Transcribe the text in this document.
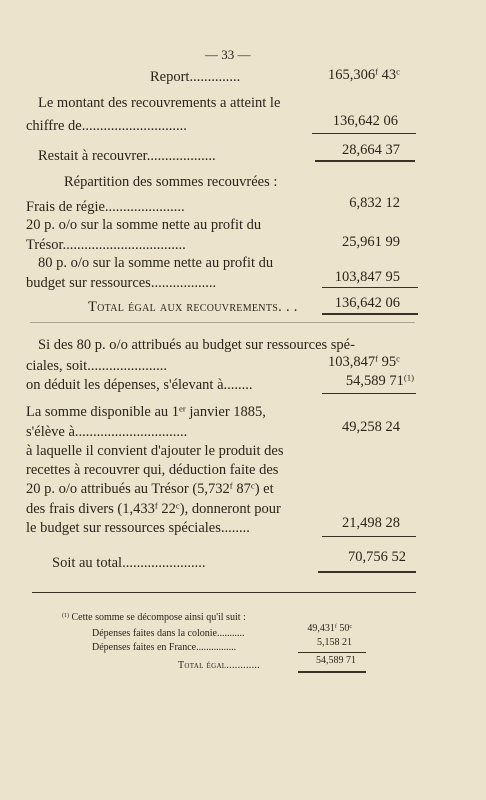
— 33 —
Report..............	165,306$^f$ 43$^c$
Le montant des recouvrements a atteint le
chiffre de.............................	136,642 06
Restait à recouvrer...................	28,664 37
Répartition des sommes recouvrées :
Frais de régie......................	6,832 12
20 p. o/o sur la somme nette au profit du
Trésor..................................	25,961 99
80 p. o/o sur la somme nette au profit du
budget sur ressources..................	103,847 95
Total égal aux recouvrements. . .	136,642 06
Si des 80 p. o/o attribués au budget sur ressources spé-
ciales, soit......................	103,847$^f$ 95$^c$
on déduit les dépenses, s'élevant à........	54,589 71$^{(1)}$
La somme disponible au 1er janvier 1885,
s'élève à...............................	49,258 24
à laquelle il convient d'ajouter le produit des
recettes à recouvrer qui, déduction faite des
20 p. o/o attribués au Trésor (5,732$^f$ 87$^c$) et
des frais divers (1,433$^f$ 22$^c$), donneront pour
le budget sur ressources spéciales........	21,498 28
Soit au total.......................	70,756 52
$^{(1)}$ Cette somme se décompose ainsi qu'il suit :
Dépenses faites dans la colonie...........	49,431$^f$ 50$^c$
Dépenses faites en France................	5,158 21
Total égal............	54,589 71
